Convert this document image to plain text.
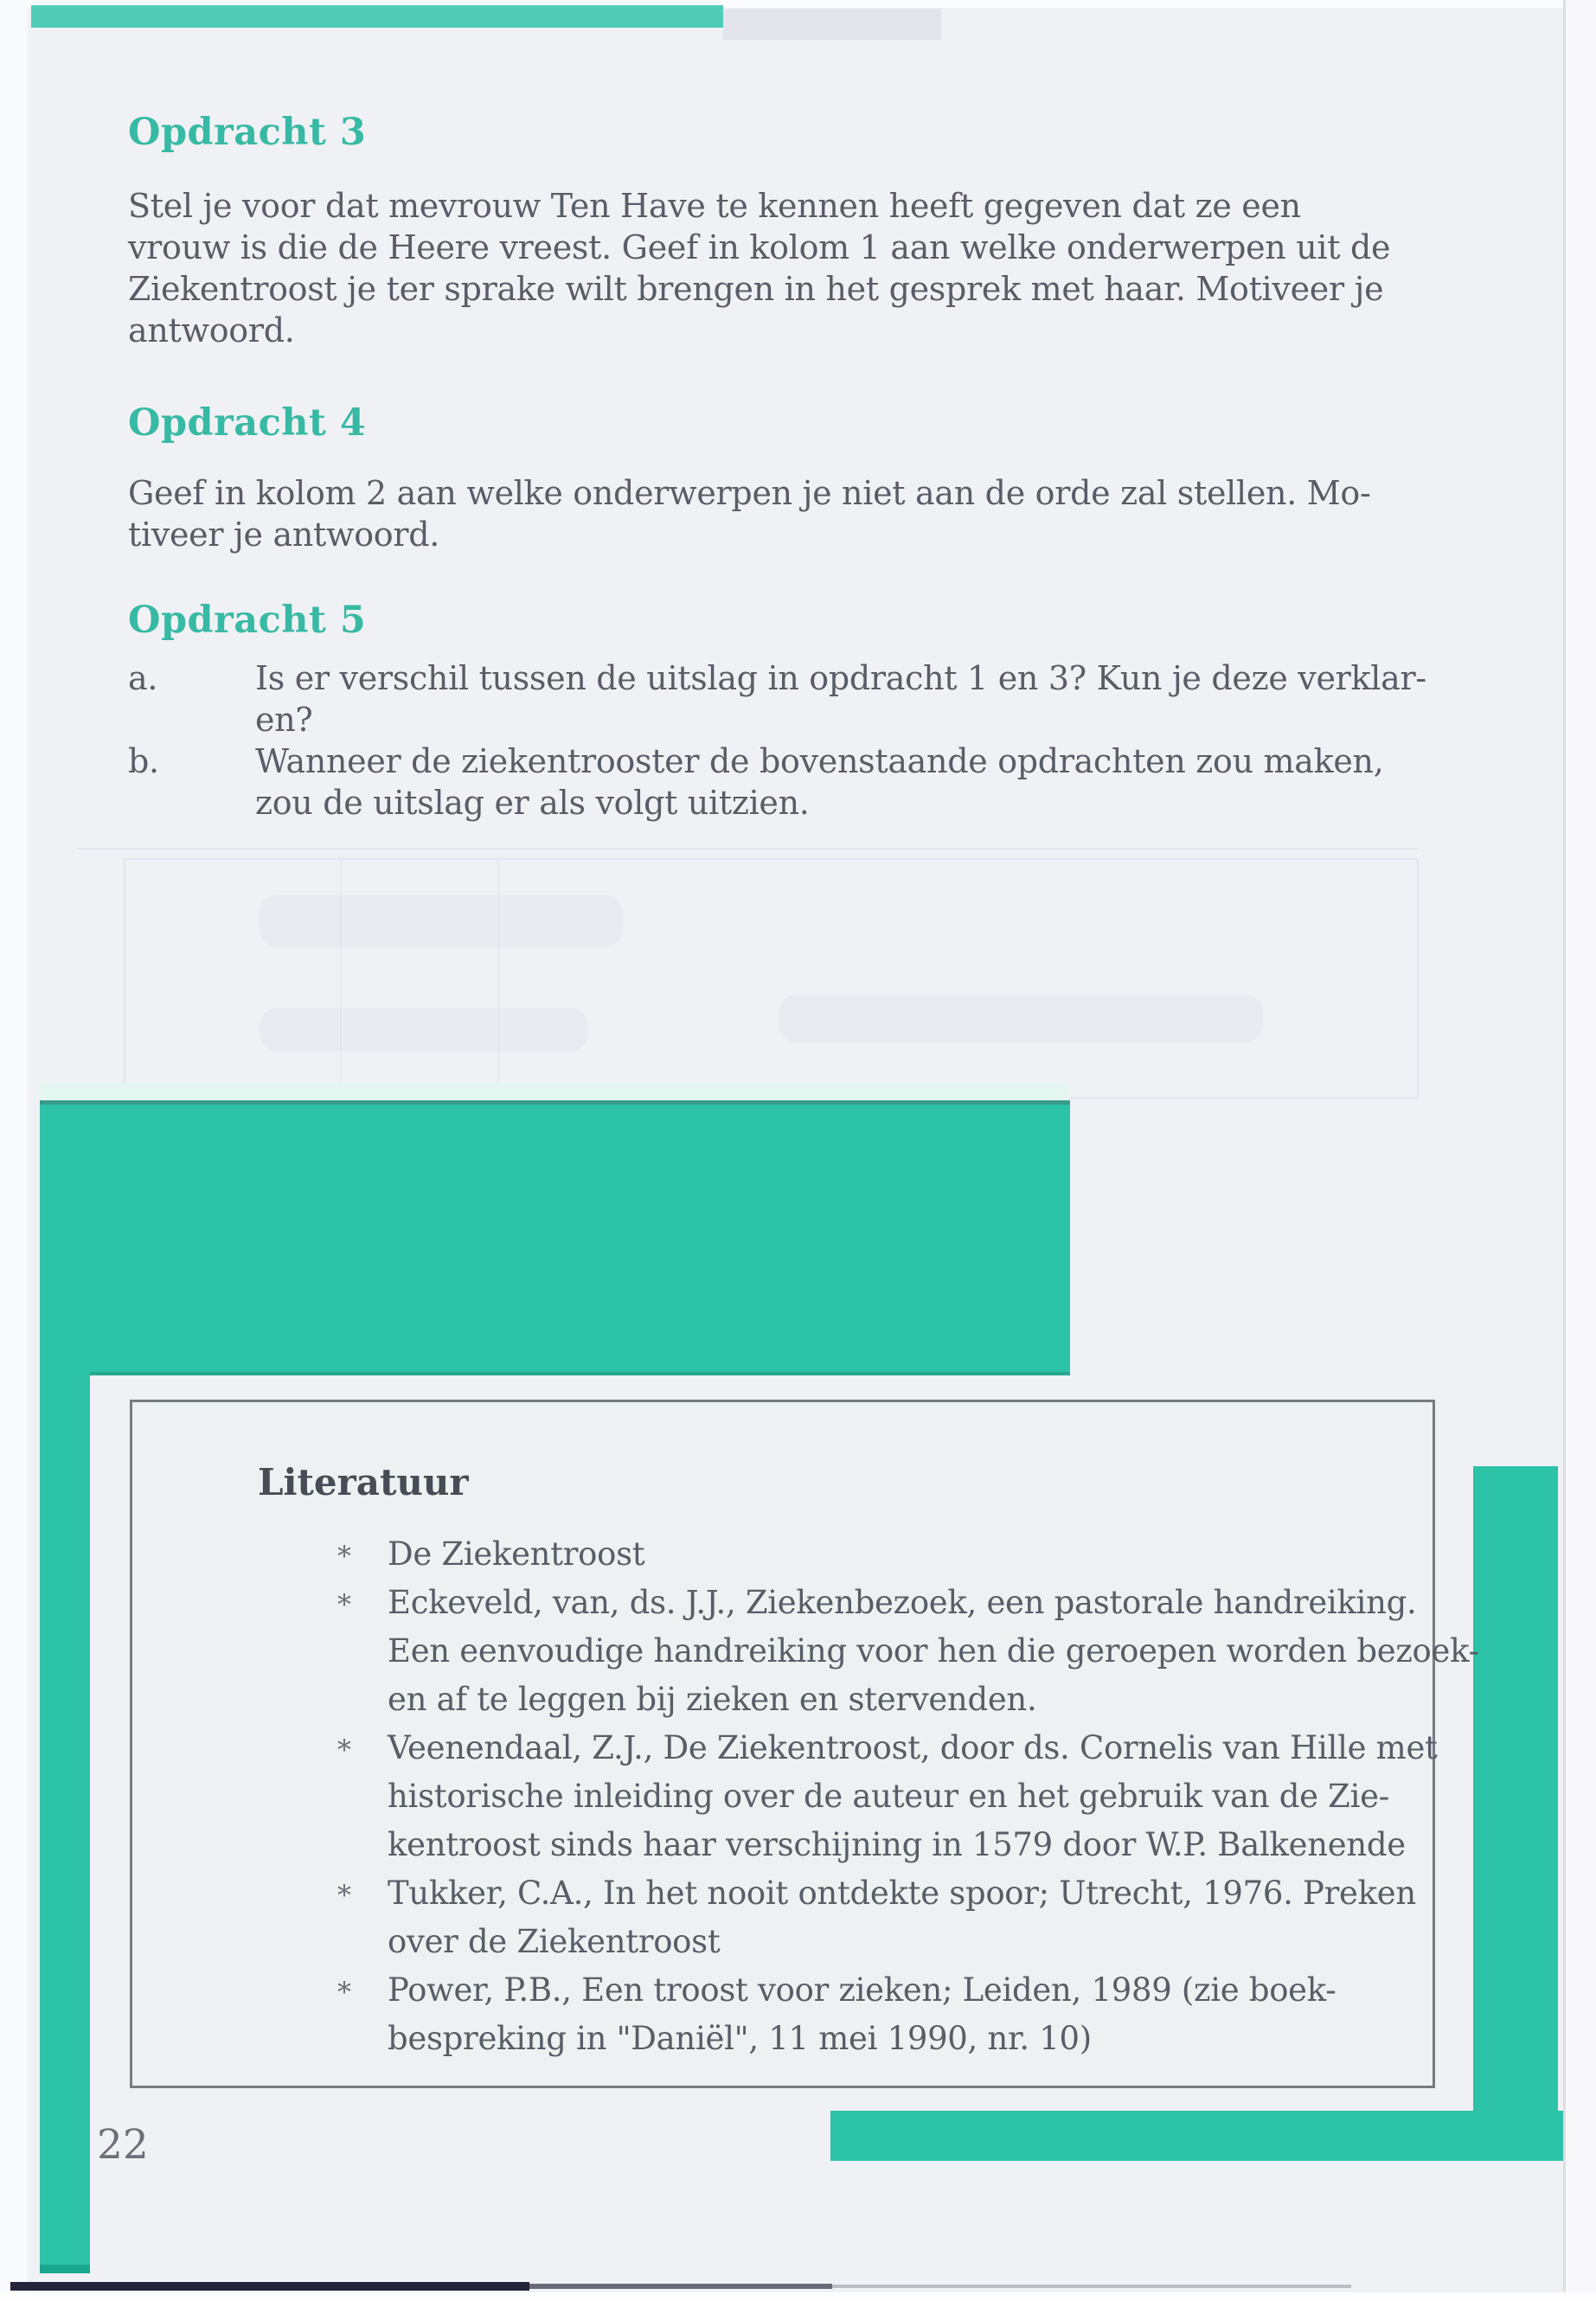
Opdracht 3
Stel je voor dat mevrouw Ten Have te kennen heeft gegeven dat ze een
vrouw is die de Heere vreest. Geef in kolom 1 aan welke onderwerpen uit de
Ziekentroost je ter sprake wilt brengen in het gesprek met haar. Motiveer je
antwoord.
Opdracht 4
Geef in kolom 2 aan welke onderwerpen je niet aan de orde zal stellen. Mo-
tiveer je antwoord.
Opdracht 5
a.	Is er verschil tussen de uitslag in opdracht 1 en 3? Kun je deze verklar-
en?
b.	Wanneer de ziekentrooster de bovenstaande opdrachten zou maken,
zou de uitslag er als volgt uitzien.
Literatuur
* De Ziekentroost
* Eckeveld, van, ds. J.J., Ziekenbezoek, een pastorale handreiking.
Een eenvoudige handreiking voor hen die geroepen worden bezoek-
en af te leggen bij zieken en stervenden.
* Veenendaal, Z.J., De Ziekentroost, door ds. Cornelis van Hille met
historische inleiding over de auteur en het gebruik van de Zie-
kentroost sinds haar verschijning in 1579 door W.P. Balkenende
* Tukker, C.A., In het nooit ontdekte spoor; Utrecht, 1976. Preken
over de Ziekentroost
* Power, P.B., Een troost voor zieken; Leiden, 1989 (zie boek-
bespreking in "Daniël", 11 mei 1990, nr. 10)
22
